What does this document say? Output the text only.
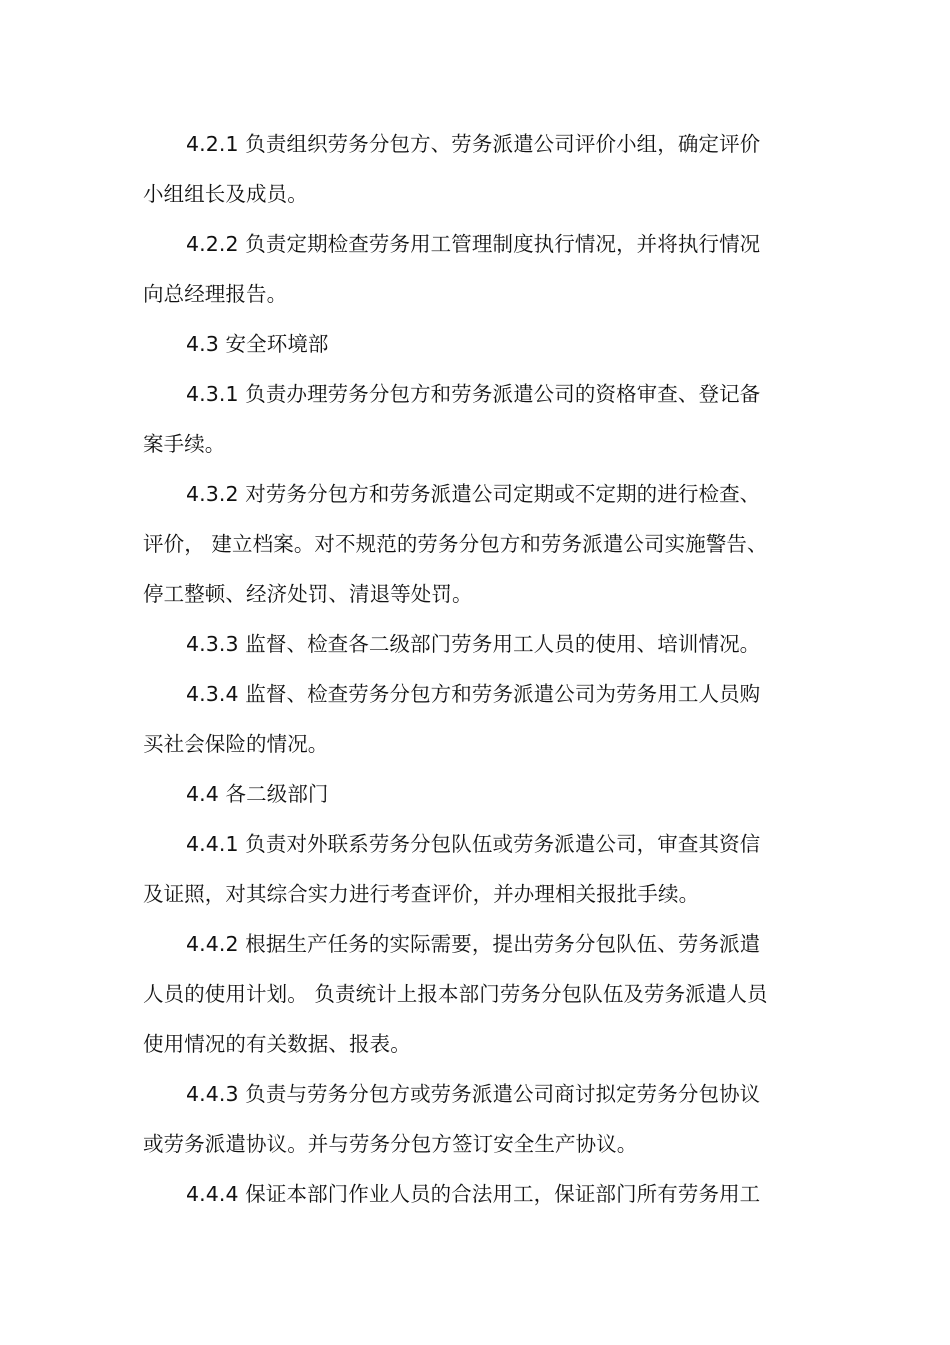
4.2.1 负责组织劳务分包方、劳务派遣公司评价小组，确定评价
小组组长及成员。
4.2.2 负责定期检查劳务用工管理制度执行情况，并将执行情况
向总经理报告。
4.3 安全环境部
4.3.1 负责办理劳务分包方和劳务派遣公司的资格审查、登记备
案手续。
4.3.2 对劳务分包方和劳务派遣公司定期或不定期的进行检查、
评价， 建立档案。对不规范的劳务分包方和劳务派遣公司实施警告、
停工整顿、经济处罚、清退等处罚。
4.3.3 监督、检查各二级部门劳务用工人员的使用、培训情况。
4.3.4 监督、检查劳务分包方和劳务派遣公司为劳务用工人员购
买社会保险的情况。
4.4 各二级部门
4.4.1 负责对外联系劳务分包队伍或劳务派遣公司，审查其资信
及证照，对其综合实力进行考查评价，并办理相关报批手续。
4.4.2 根据生产任务的实际需要，提出劳务分包队伍、劳务派遣
人员的使用计划。 负责统计上报本部门劳务分包队伍及劳务派遣人员
使用情况的有关数据、报表。
4.4.3 负责与劳务分包方或劳务派遣公司商讨拟定劳务分包协议
或劳务派遣协议。并与劳务分包方签订安全生产协议。
4.4.4 保证本部门作业人员的合法用工，保证部门所有劳务用工
